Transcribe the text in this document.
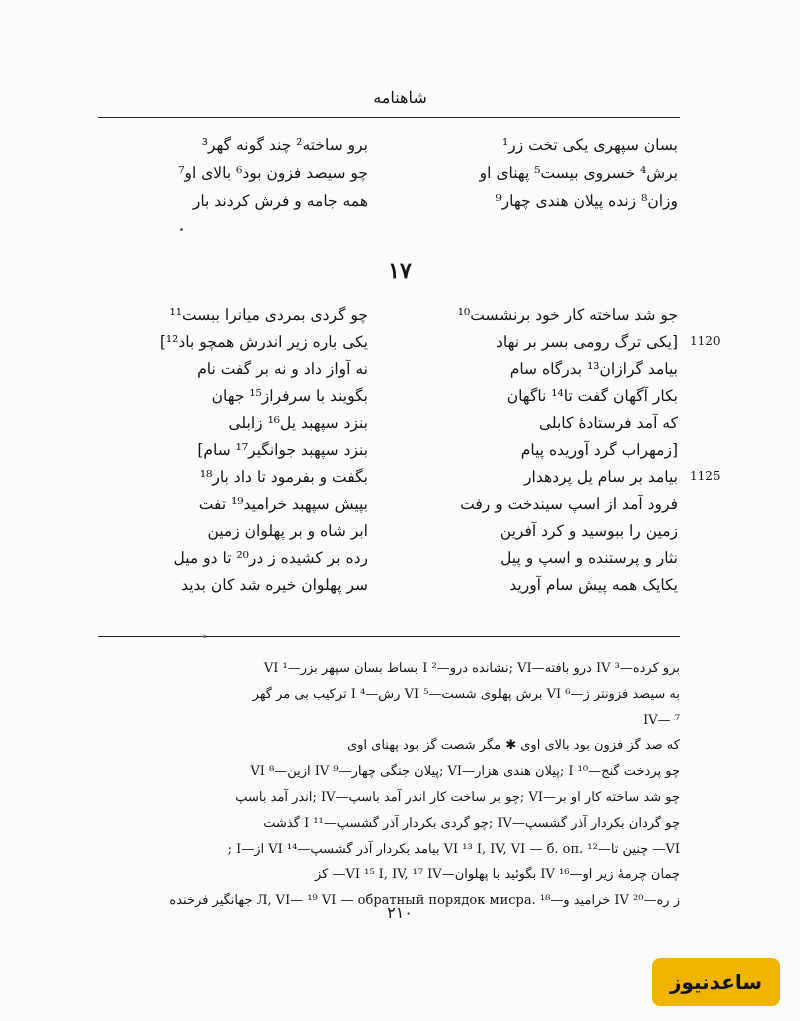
شاهنامه
بسان سپهری یکی تخت زر¹
برو ساخته² چند گونه گهر³
برش⁴ خسروی بیست⁵ پهنای او
چو سیصد فزون بود⁶ بالای او⁷
وزان⁸ زنده پیلان هندی چهار⁹
همه جامه و فرش کردند بار
۱۷
جو شد ساخته کار خود برنشست¹⁰
چو گردی بمردی میانرا ببست¹¹
[یکی ترگ رومی بسر بر نهاد
یکی باره زیر اندرش همچو باد¹²]
بیامد گرازان¹³ بدرگاه سام
نه آواز داد و نه بر گفت نام
بکار آگهان گفت تا¹⁴ ناگهان
بگویند با سرفراز¹⁵ جهان
که آمد فرستادهٔ کابلی
بنزد سپهبد یل¹⁶ زابلی
[زمهراب گرد آوریده پیام
بنزد سپهبد جوانگیر¹⁷ سام]
بیامد بر سام یل پردهدار
بگفت و بفرمود تا داد بار¹⁸
فرود آمد از اسپ سیندخت و رفت
بپیش سپهبد خرامید¹⁹ تفت
زمین را ببوسید و کرد آفرین
ابر شاه و بر پهلوان زمین
نثار و پرستنده و اسپ و پیل
رده بر کشیده ز در²⁰ تا دو میل
یکایک همه پیش سام آورید
سر پهلوان خیره شد کان بدید
1120
1125
برو کرده—IV ³ درو بافته—VI ;نشانده درو—I ² بساط بسان سپهر بزر—VI ¹
به سیصد فزونتر ز—VI ⁶ برش پهلوی شست—VI ⁵ رش—I ⁴ ترکیب بی مر گهر
IV— ⁷
که صد گز فزون بود بالای اوی ✱ مگر شصت گز بود پهنای اوی
چو پردخت گنج—I ¹⁰ ;پیلان هندی هزار—VI ;پیلان جنگی چهار—IV ⁹ ازین—VI ⁸
چو شد ساخته کار او بر—VI ;چو بر ساخت کار اندر آمد باسپ—IV ;اندر آمد باسپ
چو گردان بکردار آذر گشسپ—IV ;چو گردی بکردار آذر گشسپ—I ¹¹ گذشت
VI— چنین تا—VI ¹³ I, IV, VI — б. оп. ¹² بیامد بکردار آذر گشسپ—VI ¹⁴ از—I ;
چمان چرمهٔ زیر او—IV ¹⁶ بگوئید با پهلوان—VI ¹⁵ I, IV, ¹⁷ IV— کز
ز ره—IV ²⁰ خرامید و—Л, VI— ¹⁹ VI — обратный порядок мисра. ¹⁸ جهانگیر فرخنده
۲۱۰
ساعدنیوز
